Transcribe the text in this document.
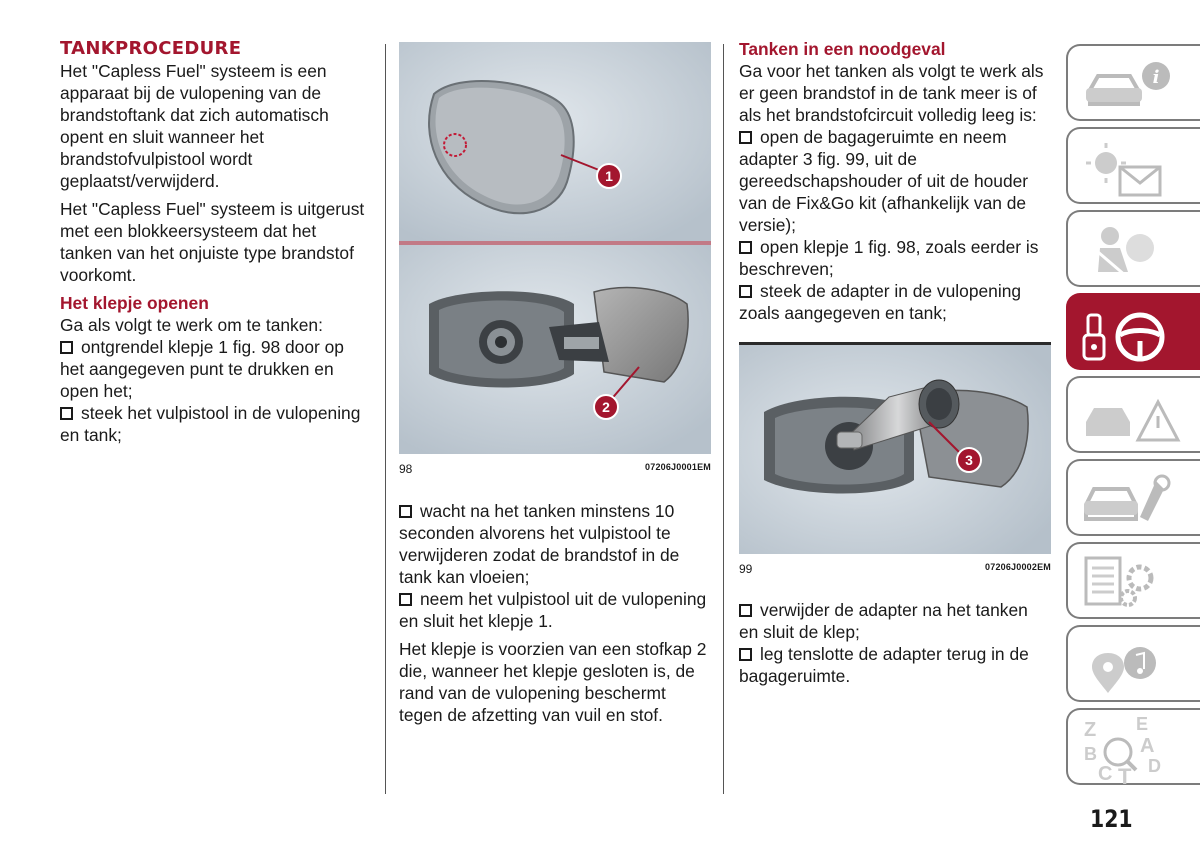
TANKPROCEDURE

Het "Capless Fuel" systeem is een apparaat bij de vulopening van de brandstoftank dat zich automatisch opent en sluit wanneer het brandstofvulpistool wordt geplaatst/verwijderd.

Het "Capless Fuel" systeem is uitgerust met een blokkeersysteem dat het tanken van het onjuiste type brandstof voorkomt.

Het klepje openen

Ga als volgt te werk om te tanken:

ontgrendel klepje 1 fig. 98 door op het aangegeven punt te drukken en open het;

steek het vulpistool in de vulopening en tank;

1
2
98	07206J0001EM

wacht na het tanken minstens 10 seconden alvorens het vulpistool te verwijderen zodat de brandstof in de tank kan vloeien;

neem het vulpistool uit de vulopening en sluit het klepje 1.

Het klepje is voorzien van een stofkap 2 die, wanneer het klepje gesloten is, de rand van de vulopening beschermt tegen de afzetting van vuil en stof.

Tanken in een noodgeval

Ga voor het tanken als volgt te werk als er geen brandstof in de tank meer is of als het brandstofcircuit volledig leeg is:

open de bagageruimte en neem adapter 3 fig. 99, uit de gereedschapshouder of uit de houder van de Fix&Go kit (afhankelijk van de versie);

open klepje 1 fig. 98, zoals eerder is beschreven;

steek de adapter in de vulopening zoals aangegeven en tank;

3
99	07206J0002EM

verwijder de adapter na het tanken en sluit de klep;

leg tenslotte de adapter terug in de bagageruimte.

i
Z E
B A
C T D
121
